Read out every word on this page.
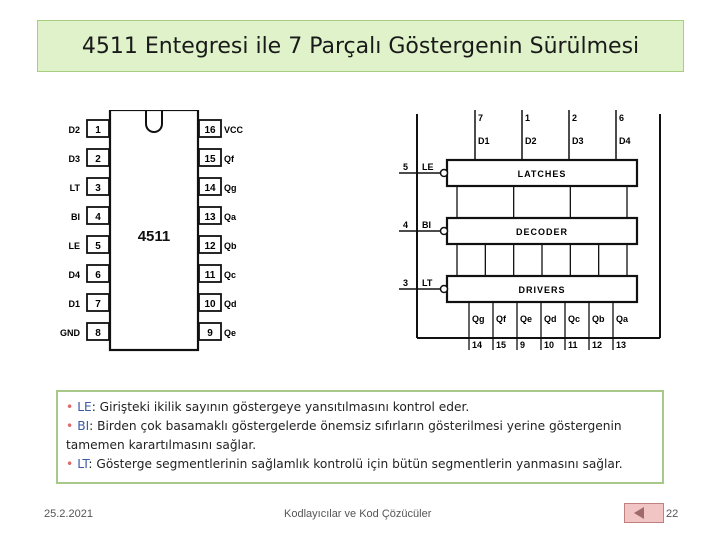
4511 Entegresi ile 7 Parçalı Göstergenin Sürülmesi
4511
1
D2
2
D3
3
LT
4
BI
5
LE
6
D4
7
D1
8
GND
16 VCC
15 Qf
14 Qg
13 Qa
12 Qb
11 Qc
10 Qd
9 Qe
7
D1
1
D2
2
D3
6
D4
LATCHES
DECODER
DRIVERS
5 LE
4 BI
3 LT
Qg
14
Qf
15
Qe
9
Qd
10
Qc
11
Qb
12
Qa
13
• LE: Girişteki ikilik sayının göstergeye yansıtılmasını kontrol eder.
• BI: Birden çok basamaklı göstergelerde önemsiz sıfırların gösterilmesi yerine göstergenin tamemen karartılmasını sağlar.
• LT: Gösterge segmentlerinin sağlamlık kontrolü için bütün segmentlerin yanmasını sağlar.
25.2.2021	Kodlayıcılar ve Kod Çözücüler	22
